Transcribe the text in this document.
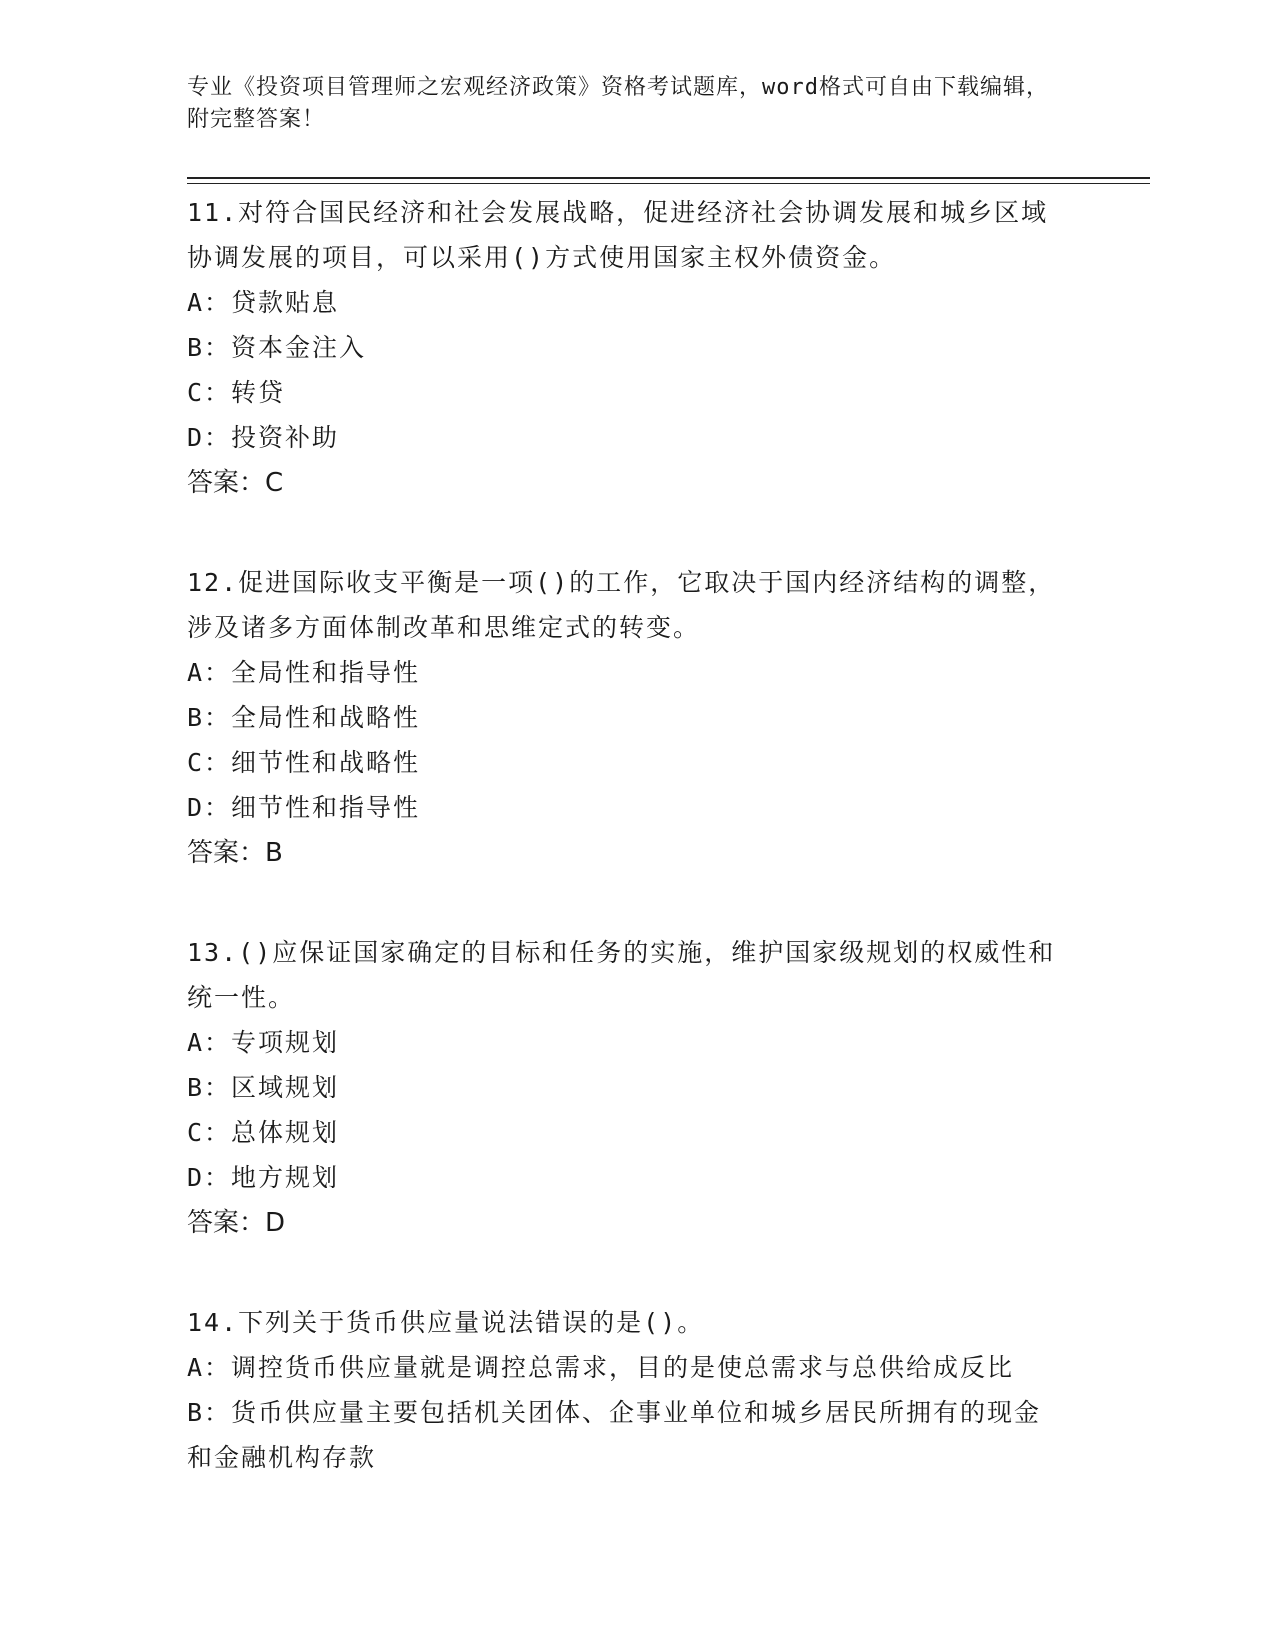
专业《投资项目管理师之宏观经济政策》资格考试题库，word格式可自由下载编辑，附完整答案！
11.对符合国民经济和社会发展战略，促进经济社会协调发展和城乡区域协调发展的项目，可以采用()方式使用国家主权外债资金。
A：贷款贴息
B：资本金注入
C：转贷
D：投资补助
答案：C
12.促进国际收支平衡是一项()的工作，它取决于国内经济结构的调整，涉及诸多方面体制改革和思维定式的转变。
A：全局性和指导性
B：全局性和战略性
C：细节性和战略性
D：细节性和指导性
答案：B
13.()应保证国家确定的目标和任务的实施，维护国家级规划的权威性和统一性。
A：专项规划
B：区域规划
C：总体规划
D：地方规划
答案：D
14.下列关于货币供应量说法错误的是()。
A：调控货币供应量就是调控总需求，目的是使总需求与总供给成反比
B：货币供应量主要包括机关团体、企事业单位和城乡居民所拥有的现金和金融机构存款
